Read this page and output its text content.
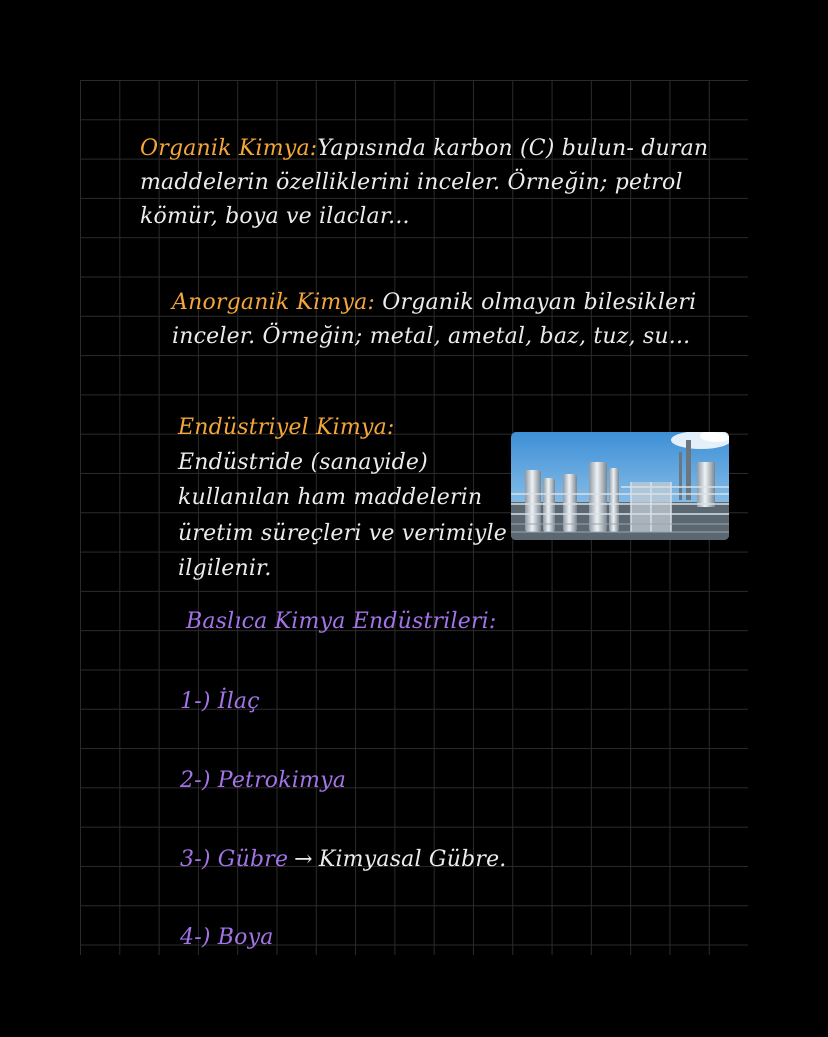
Organik Kimya:Yapısında karbon (C) bulun- duran maddelerin özelliklerini inceler. Örneğin; petrol kömür, boya ve ilaclar...
Anorganik Kimya: Organik olmayan bilesikleri inceler. Örneğin; metal, ametal, baz, tuz, su...
Endüstriyel Kimya: Endüstride (sanayide) kullanılan ham maddelerin üretim süreçleri ve verimiyle ilgilenir.
Baslıca Kimya Endüstrileri:
1-) İlaç
2-) Petrokimya
3-) Gübre → Kimyasal Gübre.
4-) Boya
